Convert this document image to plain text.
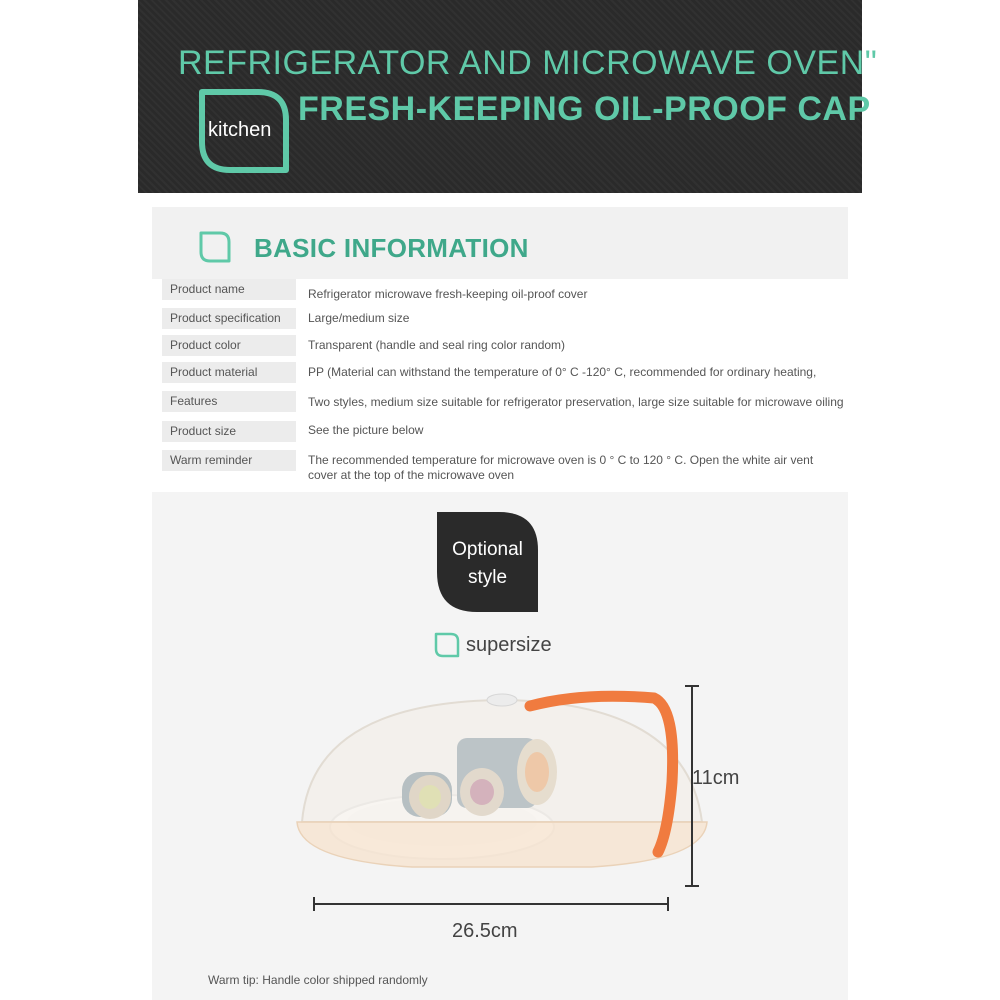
REFRIGERATOR AND MICROWAVE OVEN"
kitchen
FRESH-KEEPING OIL-PROOF CAP
BASIC INFORMATION
Product name	Refrigerator microwave fresh-keeping oil-proof cover
Product specification	Large/medium size
Product color	Transparent (handle and seal ring color random)
Product material	PP (Material can withstand the temperature of 0° C -120° C, recommended for ordinary heating,
Features	Two styles, medium size suitable for refrigerator preservation, large size suitable for microwave oiling
Product size	See the picture below
Warm reminder	The recommended temperature for microwave oven is 0 ° C to 120 ° C. Open the white air vent cover at the top of the microwave oven
Optional
style
supersize
11cm
26.5cm
Warm tip: Handle color shipped randomly
